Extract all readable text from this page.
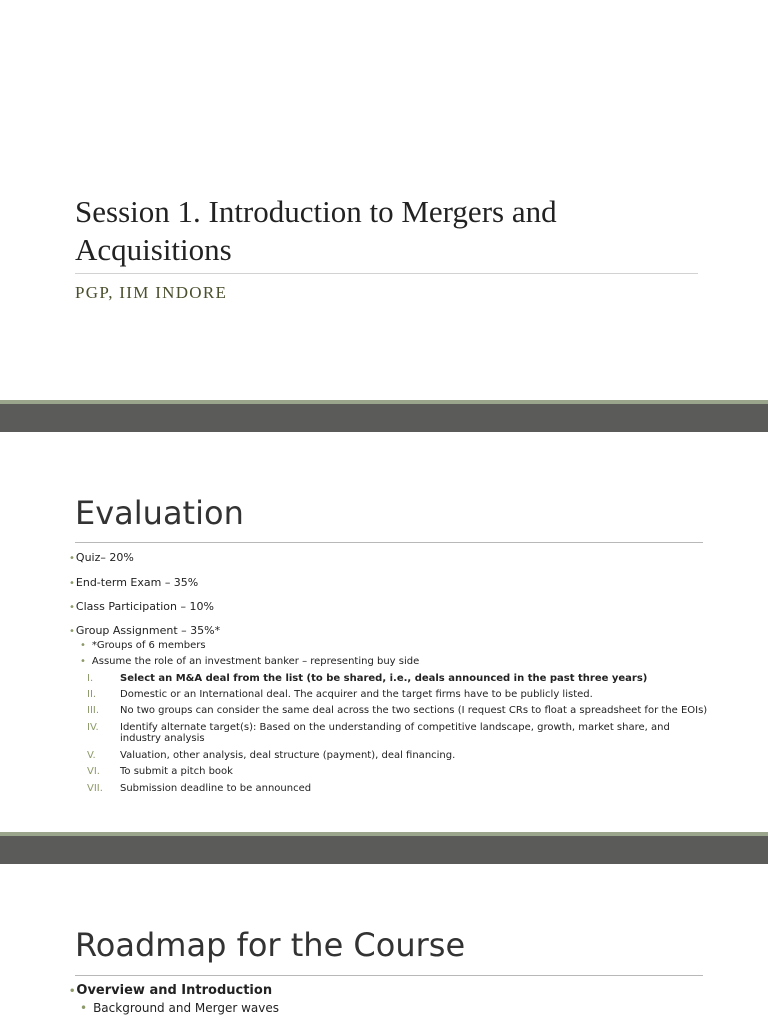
Session 1. Introduction to Mergers and Acquisitions
PGP, IIM INDORE
Evaluation
•Quiz– 20%
•End-term Exam – 35%
•Class Participation – 10%
•Group Assignment – 35%*
• *Groups of 6 members
• Assume the role of an investment banker – representing buy side
I.	Select an M&A deal from the list (to be shared, i.e., deals announced in the past three years)
II.	Domestic or an International deal. The acquirer and the target firms have to be publicly listed.
III.	No two groups can consider the same deal across the two sections (I request CRs to float a spreadsheet for the EOIs)
IV.	Identify alternate target(s): Based on the understanding of competitive landscape, growth, market share, and industry analysis
V.	Valuation, other analysis, deal structure (payment), deal financing.
VI.	To submit a pitch book
VII.	Submission deadline to be announced
Roadmap for the Course
•Overview and Introduction
• Background and Merger waves
